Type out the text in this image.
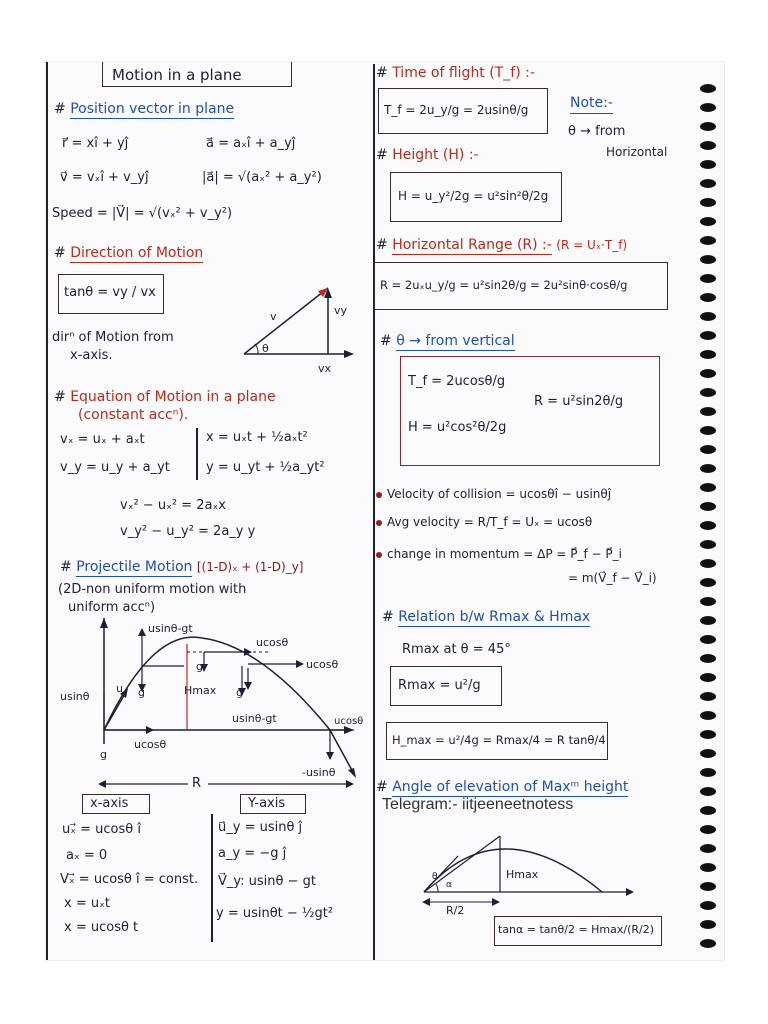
Motion in a plane
# Position vector in plane
r⃗ = xî + yĵ	a⃗ = aₓî + a_yĵ
v⃗ = vₓî + v_yĵ	|a⃗| = √(aₓ² + a_y²)
Speed = |V⃗| = √(vₓ² + v_y²)
# Direction of Motion
tanθ = vy / vx
dirⁿ of Motion from
x-axis.
v	vy
vx
θ
# Equation of Motion in a plane
(constant accⁿ).
vₓ = uₓ + aₓt
v_y = u_y + a_yt
x = uₓt + ½aₓt²
y = u_yt + ½a_yt²
vₓ² − uₓ² = 2aₓx
v_y² − u_y² = 2a_y y
# Projectile Motion [(1-D)ₓ + (1-D)_y]
(2D-non uniform motion with
uniform accⁿ)
usinθ-gt
ucosθ
ucosθ
usinθ
u g
g
g
g
Hmax
usinθ-gt	ucosθ
ucosθ
-usinθ
R
x-axis	Y-axis
uₓ⃗ = ucosθ î
aₓ = 0
Vₓ⃗ = ucosθ î = const.
x = uₓt
x = ucosθ t
u⃗_y = usinθ ĵ
a_y = −g ĵ
V⃗_y: usinθ − gt
y = usinθt − ½gt²
# Time of flight (T_f) :-
T_f = 2u_y/g = 2usinθ/g	Note:-
θ → from
Horizontal
# Height (H) :-
H = u_y²/2g = u²sin²θ/2g
# Horizontal Range (R) :- (R = Uₓ·T_f)
R = 2uₓu_y/g = u²sin2θ/g = 2u²sinθ·cosθ/g
# θ → from vertical
T_f = 2ucosθ/g
R = u²sin2θ/g
H = u²cos²θ/2g
Velocity of collision = ucosθî − usinθĵ
Avg velocity = R/T_f = Uₓ = ucosθ
change in momentum = ΔP = P⃗_f − P⃗_i
= m(V⃗_f − V⃗_i)
# Relation b/w Rmax & Hmax
Rmax at θ = 45°
Rmax = u²/g
H_max = u²/4g = Rmax/4 = R tanθ/4
# Angle of elevation of Maxᵐ height
Telegram:- iitjeeneetnotess
Hmax
θ
α
R/2
tanα = tanθ/2 = Hmax/(R/2)
